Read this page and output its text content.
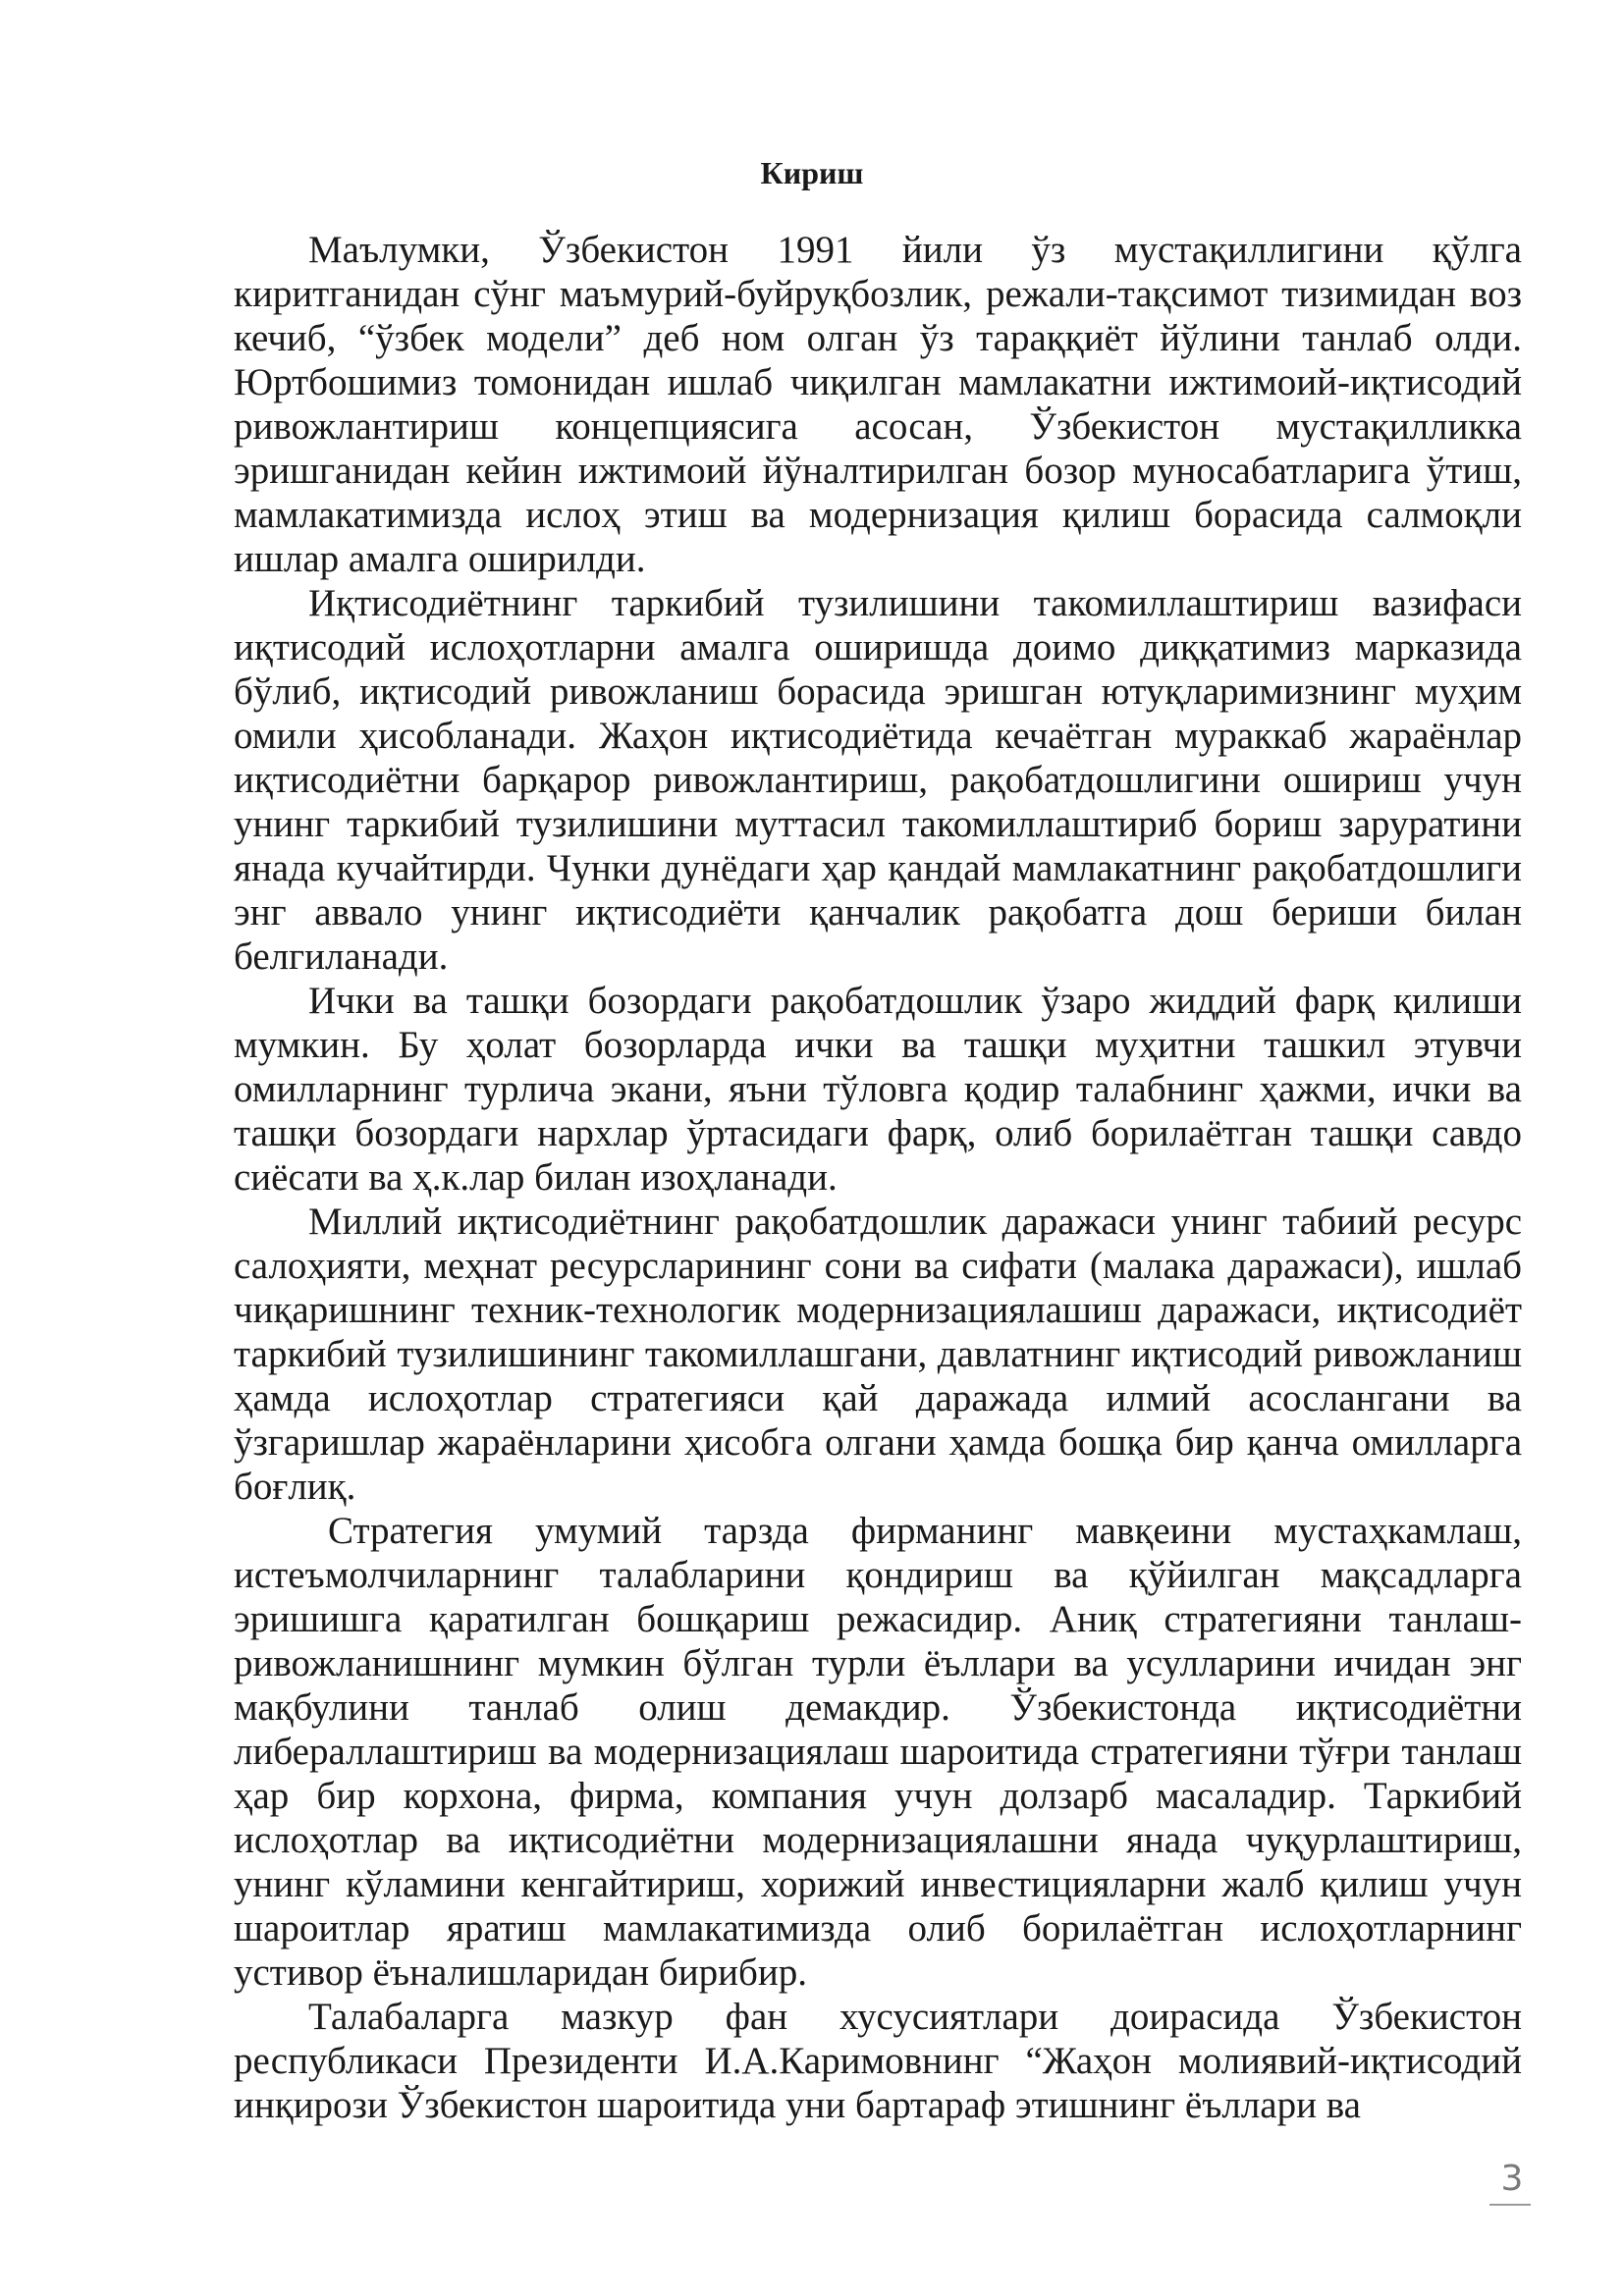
Кириш

Маълумки, Ўзбекистон 1991 йили ўз мустақиллигини қўлга киритганидан сўнг маъмурий-буйруқбозлик, режали-тақсимот тизимидан воз кечиб, “ўзбек модели” деб ном олган ўз тараққиёт йўлини танлаб олди. Юртбошимиз томонидан ишлаб чиқилган мамлакатни ижтимоий-иқтисодий ривожлантириш концепциясига асосан, Ўзбекистон мустақилликка эришганидан кейин ижтимоий йўналтирилган бозор муносабатларига ўтиш, мамлакатимизда ислоҳ этиш ва модернизация қилиш борасида салмоқли ишлар амалга оширилди.

Иқтисодиётнинг таркибий тузилишини такомиллаштириш вазифаси иқтисодий ислоҳотларни амалга оширишда доимо диққатимиз марказида бўлиб, иқтисодий ривожланиш борасида эришган ютуқларимизнинг муҳим омили ҳисобланади. Жаҳон иқтисодиётида кечаётган мураккаб жараёнлар иқтисодиётни барқарор ривожлантириш, рақобатдошлигини ошириш учун унинг таркибий тузилишини муттасил такомиллаштириб бориш заруратини янада кучайтирди. Чунки дунёдаги ҳар қандай мамлакатнинг рақобатдошлиги энг аввало унинг иқтисодиёти қанчалик рақобатга дош бериши билан белгиланади.

Ички ва ташқи бозордаги рақобатдошлик ўзаро жиддий фарқ қилиши мумкин. Бу ҳолат бозорларда ички ва ташқи муҳитни ташкил этувчи омилларнинг турлича экани, яъни тўловга қодир талабнинг ҳажми, ички ва ташқи бозордаги нархлар ўртасидаги фарқ, олиб борилаётган ташқи савдо сиёсати ва ҳ.к.лар билан изоҳланади.

Миллий иқтисодиётнинг рақобатдошлик даражаси унинг табиий ресурс салоҳияти, меҳнат ресурсларининг сони ва сифати (малака даражаси), ишлаб чиқаришнинг техник-технологик модернизациялашиш даражаси, иқтисодиёт таркибий тузилишининг такомиллашгани, давлатнинг иқтисодий ривожланиш ҳамда ислоҳотлар стратегияси қай даражада илмий асослангани ва ўзгаришлар жараёнларини ҳисобга олгани ҳамда бошқа бир қанча омилларга боғлиқ.

Стратегия умумий тарзда фирманинг мавқеини мустаҳкамлаш, истеъмолчиларнинг талабларини қондириш ва қўйилган мақсадларга эришишга қаратилган бошқариш режасидир. Аниқ стратегияни танлаш-ривожланишнинг мумкин бўлган турли ёъллари ва усулларини ичидан энг мақбулини танлаб олиш демакдир. Ўзбекистонда иқтисодиётни либераллаштириш ва модернизациялаш шароитида стратегияни тўғри танлаш ҳар бир корхона, фирма, компания учун долзарб масаладир. Таркибий ислоҳотлар ва иқтисодиётни модернизациялашни янада чуқурлаштириш, унинг кўламини кенгайтириш, хорижий инвестицияларни жалб қилиш учун шароитлар яратиш мамлакатимизда олиб борилаётган ислоҳотларнинг устивор ёъналишларидан бирибир.

Талабаларга мазкур фан хусусиятлари доирасида Ўзбекистон республикаси Президенти И.А.Каримовнинг “Жаҳон молиявий-иқтисодий инқирози Ўзбекистон шароитида уни бартараф этишнинг ёъллари ва

3
